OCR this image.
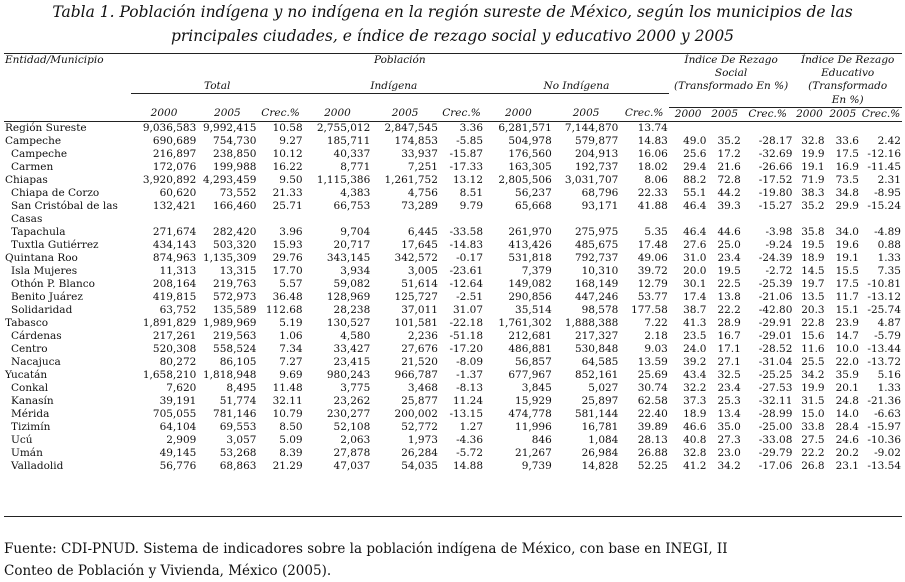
Tabla 1. Población indígena y no indígena en la región sureste de México, según los municipios de las
principales ciudades, e índice de rezago social y educativo 2000 y 2005
Entidad/Municipio	Población									Índice De Rezago			Índice De Rezago		
										Social			Educativo		
	Total			Indígena			No Indígena			(Transformado En %)			(Transformado		
													En %)		
	2000	2005	Crec.%	2000	2005	Crec.%	2000	2005	Crec.%	2000	2005	Crec.%	2000	2005	Crec.%
Región Sureste	9,036,583	9,992,415	10.58	2,755,012	2,847,545	3.36	6,281,571	7,144,870	13.74						
Campeche	690,689	754,730	9.27	185,711	174,853	-5.85	504,978	579,877	14.83	49.0	35.2	-28.17	32.8	33.6	2.42
Campeche	216,897	238,850	10.12	40,337	33,937	-15.87	176,560	204,913	16.06	25.6	17.2	-32.69	19.9	17.5	-12.16
Carmen	172,076	199,988	16.22	8,771	7,251	-17.33	163,305	192,737	18.02	29.4	21.6	-26.66	19.1	16.9	-11.45
Chiapas	3,920,892	4,293,459	9.50	1,115,386	1,261,752	13.12	2,805,506	3,031,707	8.06	88.2	72.8	-17.52	71.9	73.5	2.31
Chiapa de Corzo	60,620	73,552	21.33	4,383	4,756	8.51	56,237	68,796	22.33	55.1	44.2	-19.80	38.3	34.8	-8.95
San Cristóbal de las Casas	132,421	166,460	25.71	66,753	73,289	9.79	65,668	93,171	41.88	46.4	39.3	-15.27	35.2	29.9	-15.24
Tapachula	271,674	282,420	3.96	9,704	6,445	-33.58	261,970	275,975	5.35	46.4	44.6	-3.98	35.8	34.0	-4.89
Tuxtla Gutiérrez	434,143	503,320	15.93	20,717	17,645	-14.83	413,426	485,675	17.48	27.6	25.0	-9.24	19.5	19.6	0.88
Quintana Roo	874,963	1,135,309	29.76	343,145	342,572	-0.17	531,818	792,737	49.06	31.0	23.4	-24.39	18.9	19.1	1.33
Isla Mujeres	11,313	13,315	17.70	3,934	3,005	-23.61	7,379	10,310	39.72	20.0	19.5	-2.72	14.5	15.5	7.35
Othón P. Blanco	208,164	219,763	5.57	59,082	51,614	-12.64	149,082	168,149	12.79	30.1	22.5	-25.39	19.7	17.5	-10.81
Benito Juárez	419,815	572,973	36.48	128,969	125,727	-2.51	290,856	447,246	53.77	17.4	13.8	-21.06	13.5	11.7	-13.12
Solidaridad	63,752	135,589	112.68	28,238	37,011	31.07	35,514	98,578	177.58	38.7	22.2	-42.80	20.3	15.1	-25.74
Tabasco	1,891,829	1,989,969	5.19	130,527	101,581	-22.18	1,761,302	1,888,388	7.22	41.3	28.9	-29.91	22.8	23.9	4.87
Cárdenas	217,261	219,563	1.06	4,580	2,236	-51.18	212,681	217,327	2.18	23.5	16.7	-29.01	15.6	14.7	-5.79
Centro	520,308	558,524	7.34	33,427	27,676	-17.20	486,881	530,848	9.03	24.0	17.1	-28.52	11.6	10.0	-13.44
Nacajuca	80,272	86,105	7.27	23,415	21,520	-8.09	56,857	64,585	13.59	39.2	27.1	-31.04	25.5	22.0	-13.72
Yucatán	1,658,210	1,818,948	9.69	980,243	966,787	-1.37	677,967	852,161	25.69	43.4	32.5	-25.25	34.2	35.9	5.16
Conkal	7,620	8,495	11.48	3,775	3,468	-8.13	3,845	5,027	30.74	32.2	23.4	-27.53	19.9	20.1	1.33
Kanasín	39,191	51,774	32.11	23,262	25,877	11.24	15,929	25,897	62.58	37.3	25.3	-32.11	31.5	24.8	-21.36
Mérida	705,055	781,146	10.79	230,277	200,002	-13.15	474,778	581,144	22.40	18.9	13.4	-28.99	15.0	14.0	-6.63
Tizimín	64,104	69,553	8.50	52,108	52,772	1.27	11,996	16,781	39.89	46.6	35.0	-25.00	33.8	28.4	-15.97
Ucú	2,909	3,057	5.09	2,063	1,973	-4.36	846	1,084	28.13	40.8	27.3	-33.08	27.5	24.6	-10.36
Umán	49,145	53,268	8.39	27,878	26,284	-5.72	21,267	26,984	26.88	32.8	23.0	-29.79	22.2	20.2	-9.02
Valladolid	56,776	68,863	21.29	47,037	54,035	14.88	9,739	14,828	52.25	41.2	34.2	-17.06	26.8	23.1	-13.54
Fuente: CDI-PNUD. Sistema de indicadores sobre la población indígena de México, con base en INEGI, II
Conteo de Población y Vivienda, México (2005).
